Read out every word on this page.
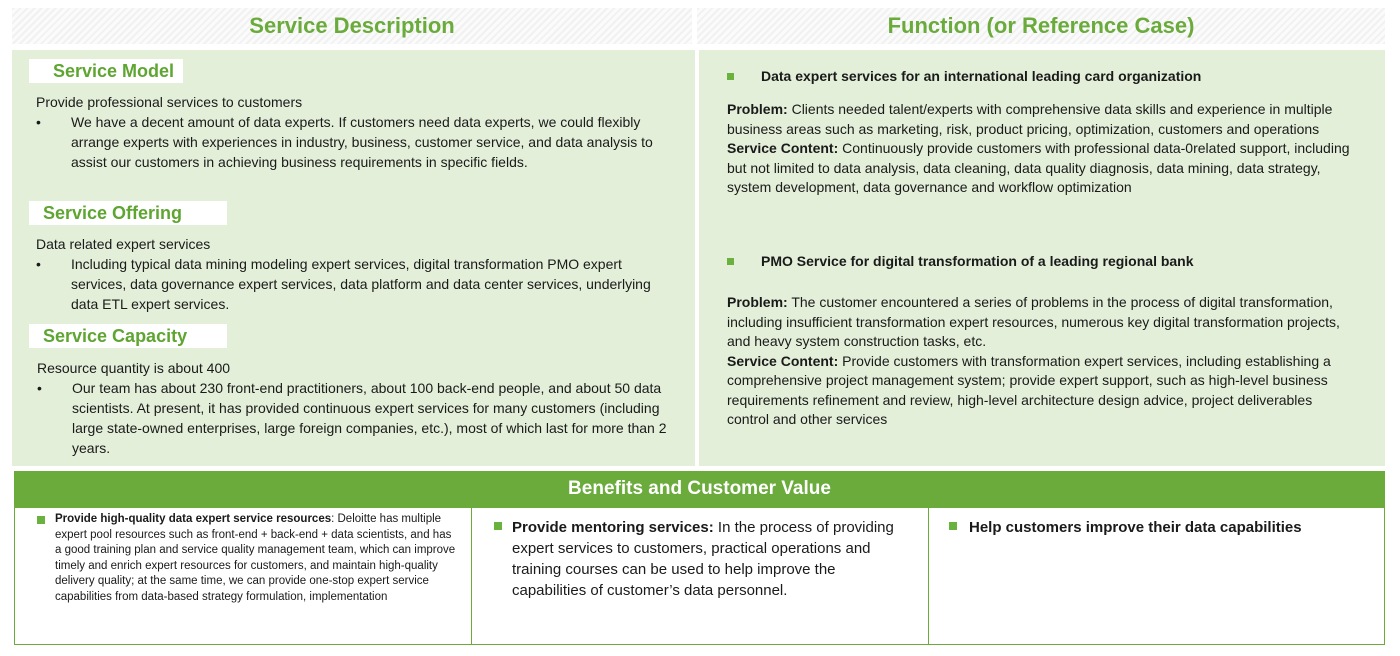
Service Description	Function (or Reference Case)
Service Model

Provide professional services to customers

• We have a decent amount of data experts. If customers need data experts, we could flexibly arrange experts with experiences in industry, business, customer service, and data analysis to assist our customers in achieving business requirements in specific fields.
Service Offering

Data related expert services

• Including typical data mining modeling expert services, digital transformation PMO expert services, data governance expert services, data platform and data center services, underlying data ETL expert services.
Service Capacity

Resource quantity is about 400

• Our team has about 230 front-end practitioners, about 100 back-end people, and about 50 data scientists. At present, it has provided continuous expert services for many customers (including large state-owned enterprises, large foreign companies, etc.), most of which last for more than 2 years.

Data expert services for an international leading card organization

Problem: Clients needed talent/experts with comprehensive data skills and experience in multiple business areas such as marketing, risk, product pricing, optimization, customers and operations

Service Content: Continuously provide customers with professional data-0related support, including but not limited to data analysis, data cleaning, data quality diagnosis, data mining, data strategy, system development, data governance and workflow optimization

PMO Service for digital transformation of a leading regional bank

Problem: The customer encountered a series of problems in the process of digital transformation, including insufficient transformation expert resources, numerous key digital transformation projects, and heavy system construction tasks, etc.

Service Content: Provide customers with transformation expert services, including establishing a comprehensive project management system; provide expert support, such as high-level business requirements refinement and review, high-level architecture design advice, project deliverables control and other services

Benefits and Customer Value

Provide high-quality data expert service resources: Deloitte has multiple expert pool resources such as front-end + back-end + data scientists, and has a good training plan and service quality management team, which can improve timely and enrich expert resources for customers, and maintain high-quality delivery quality; at the same time, we can provide one-stop expert service capabilities from data-based strategy formulation, implementation

Provide mentoring services: In the process of providing expert services to customers, practical operations and training courses can be used to help improve the capabilities of customer’s data personnel.

Help customers improve their data capabilities
